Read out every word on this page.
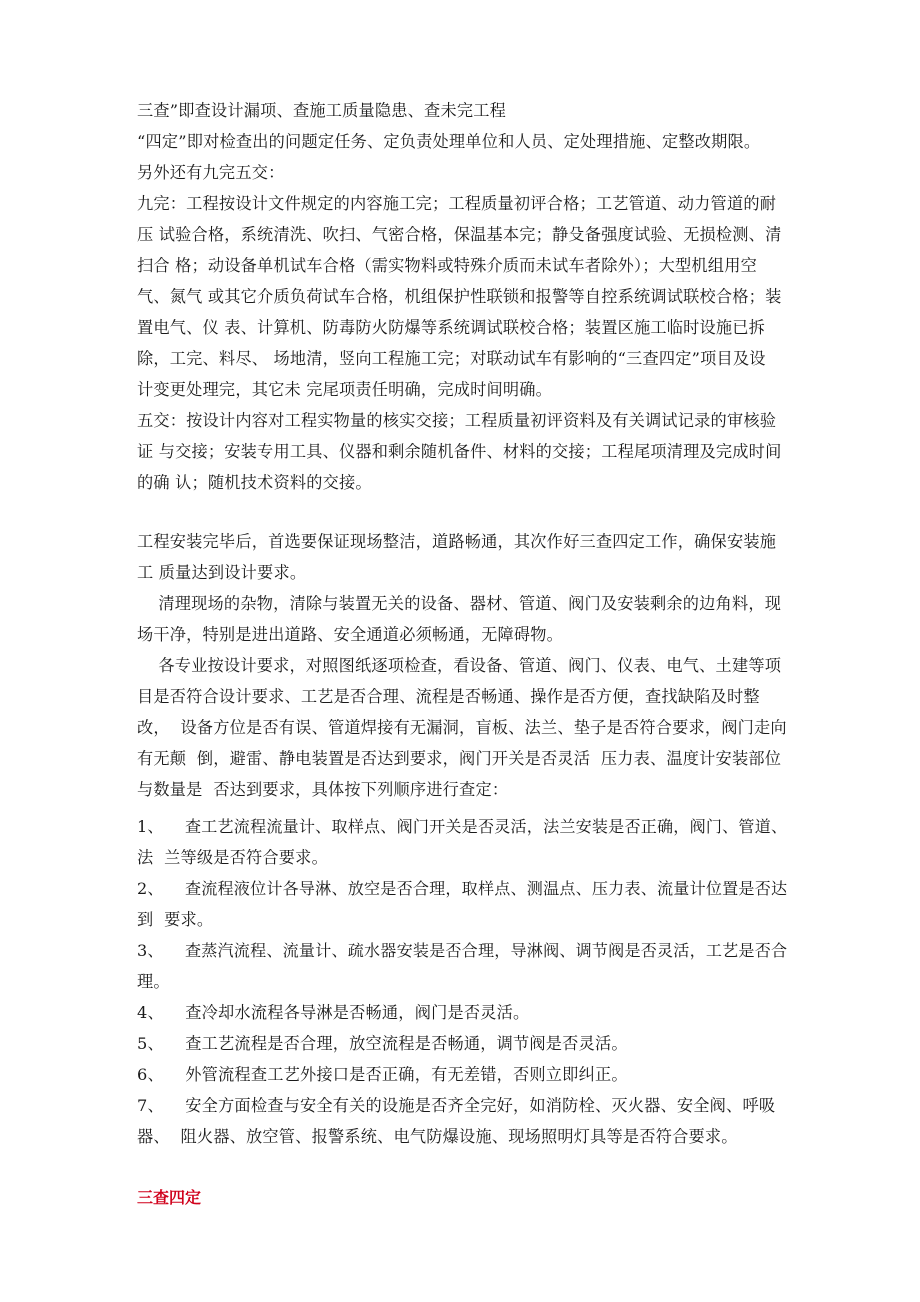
三查”即查设计漏项、查施工质量隐患、查未完工程
“四定”即对检查出的问题定任务、定负责处理单位和人员、定处理措施、定整改期限。
另外还有九完五交：
九完：工程按设计文件规定的内容施工完；工程质量初评合格；工艺管道、动力管道的耐
压 试验合格，系统清洗、吹扫、气密合格，保温基本完；静殳备强度试验、无损检测、清
扫合 格；动设备单机试车合格（需实物料或特殊介质而未试车者除外）；大型机组用空
气、氮气 或其它介质负荷试车合格，机组保护性联锁和报警等自控系统调试联校合格；装
置电气、仪 表、计算机、防毒防火防爆等系统调试联校合格；装置区施工临时设施已拆
除，工完、料尽、 场地清，竖向工程施工完；对联动试车有影响的“三查四定”项目及设
计变更处理完，其它未 完尾项责任明确，完成时间明确。
五交：按设计内容对工程实物量的核实交接；工程质量初评资料及有关调试记录的审核验
证 与交接；安装专用工具、仪器和剩余随机备件、材料的交接；工程尾项清理及完成时间
的确 认；随机技术资料的交接。
工程安装完毕后，首选要保证现场整洁，道路畅通，其次作好三查四定工作，确保安装施
工 质量达到设计要求。
清理现场的杂物，清除与装置无关的设备、器材、管道、阀门及安装剩余的边角料，现
场干净，特别是进出道路、安全通道必须畅通，无障碍物。
各专业按设计要求，对照图纸逐项检查，看设备、管道、阀门、仪表、电气、土建等项
目是否符合设计要求、工艺是否合理、流程是否畅通、操作是否方便，查找缺陷及时整
改，  设备方位是否有误、管道焊接有无漏洞，盲板、法兰、垫子是否符合要求，阀门走向
有无颠  倒，避雷、静电装置是否达到要求，阀门开关是否灵活  压力表、温度计安装部位
与数量是  否达到要求，具体按下列顺序进行查定：
1、    查工艺流程流量计、取样点、阀门开关是否灵活，法兰安装是否正确，阀门、管道、
法  兰等级是否符合要求。
2、    查流程液位计各导淋、放空是否合理，取样点、测温点、压力表、流量计位置是否达
到  要求。
3、    查蒸汽流程、流量计、疏水器安装是否合理，导淋阀、调节阀是否灵活，工艺是否合
理。
4、    查冷却水流程各导淋是否畅通，阀门是否灵活。
5、    查工艺流程是否合理，放空流程是否畅通，调节阀是否灵活。
6、    外管流程查工艺外接口是否正确，有无差错，否则立即纠正。
7、    安全方面检查与安全有关的设施是否齐全完好，如消防栓、灭火器、安全阀、呼吸
器、  阻火器、放空管、报警系统、电气防爆设施、现场照明灯具等是否符合要求。
三查四定
